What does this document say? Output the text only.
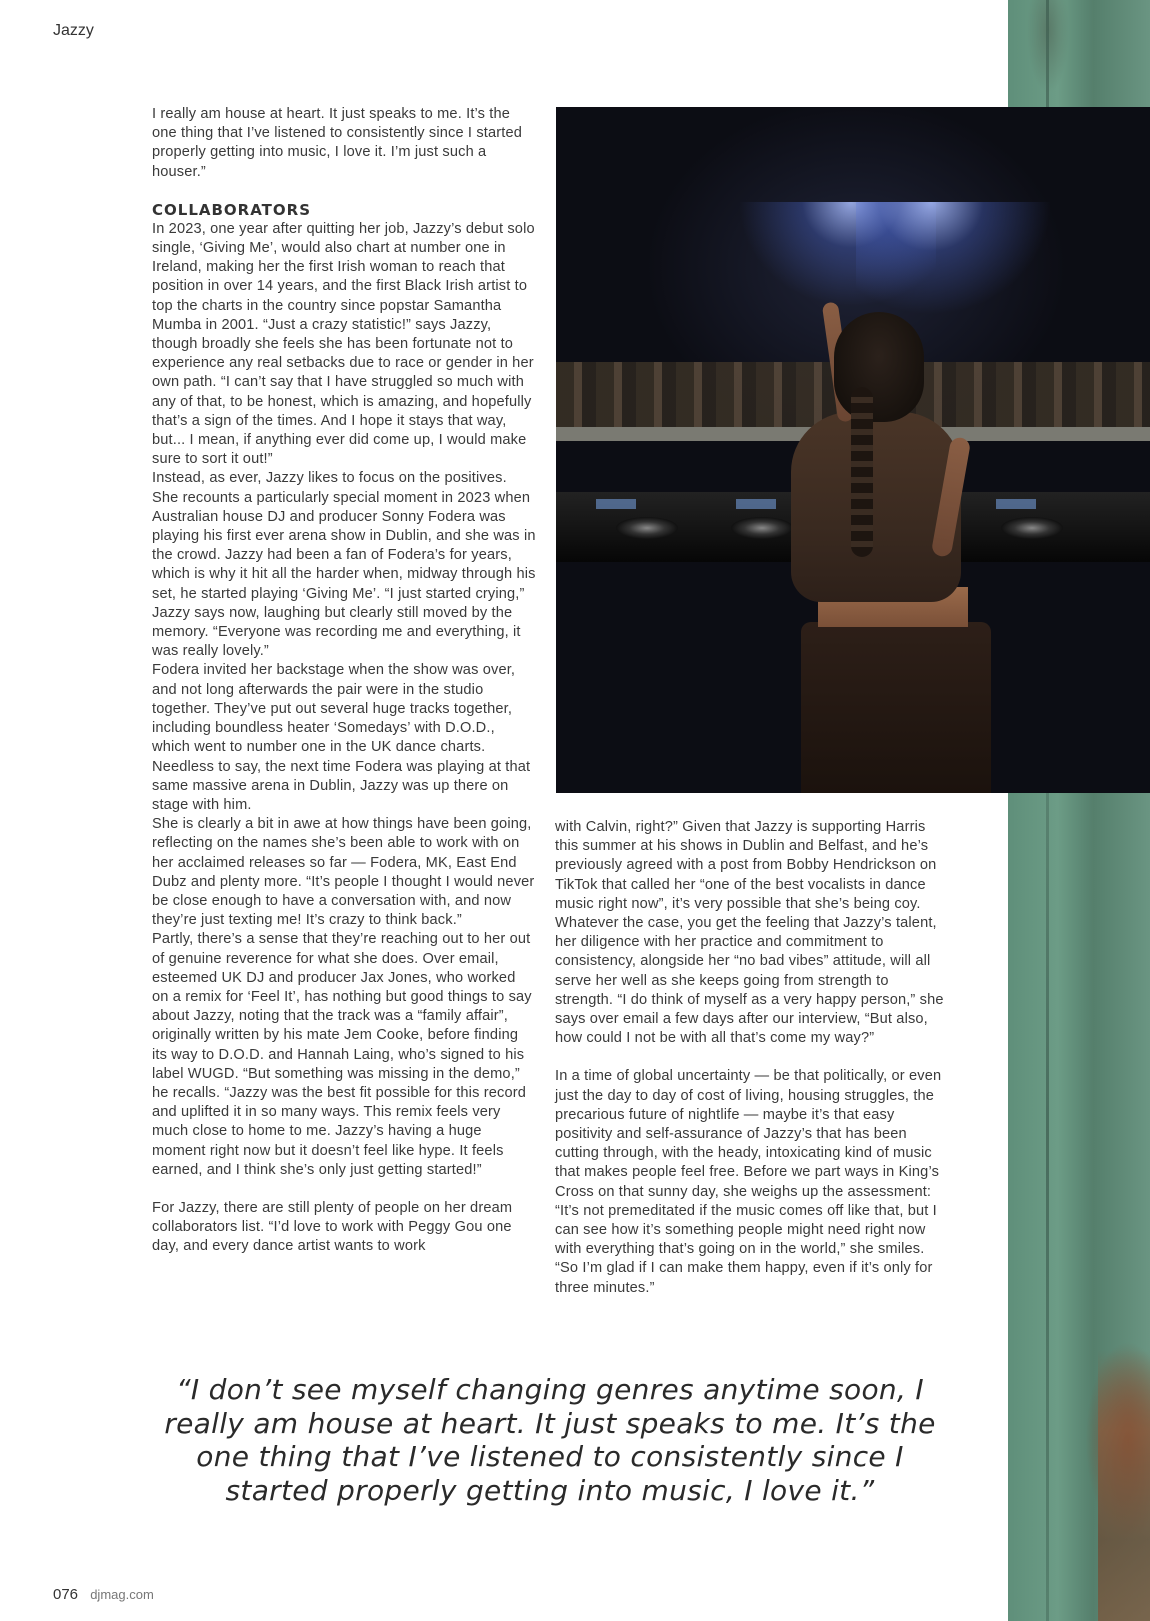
Jazzy

I really am house at heart. It just speaks to me. It’s the one thing that I’ve listened to consistently since I started properly getting into music, I love it. I’m just such a houser.”

COLLABORATORS

In 2023, one year after quitting her job, Jazzy’s debut solo single, ‘Giving Me’, would also chart at number one in Ireland, making her the first Irish woman to reach that position in over 14 years, and the first Black Irish artist to top the charts in the country since popstar Samantha Mumba in 2001. “Just a crazy statistic!” says Jazzy, though broadly she feels she has been fortunate not to experience any real setbacks due to race or gender in her own path. “I can’t say that I have struggled so much with any of that, to be honest, which is amazing, and hopefully that’s a sign of the times. And I hope it stays that way, but... I mean, if anything ever did come up, I would make sure to sort it out!”

Instead, as ever, Jazzy likes to focus on the positives. She recounts a particularly special moment in 2023 when Australian house DJ and producer Sonny Fodera was playing his first ever arena show in Dublin, and she was in the crowd. Jazzy had been a fan of Fodera’s for years, which is why it hit all the harder when, midway through his set, he started playing ‘Giving Me’. “I just started crying,” Jazzy says now, laughing but clearly still moved by the memory. “Everyone was recording me and everything, it was really lovely.”

Fodera invited her backstage when the show was over, and not long afterwards the pair were in the studio together. They’ve put out several huge tracks together, including boundless heater ‘Somedays’ with D.O.D., which went to number one in the UK dance charts. Needless to say, the next time Fodera was playing at that same massive arena in Dublin, Jazzy was up there on stage with him.

She is clearly a bit in awe at how things have been going, reflecting on the names she’s been able to work with on her acclaimed releases so far — Fodera, MK, East End Dubz and plenty more. “It’s people I thought I would never be close enough to have a conversation with, and now they’re just texting me! It’s crazy to think back.”

Partly, there’s a sense that they’re reaching out to her out of genuine reverence for what she does. Over email, esteemed UK DJ and producer Jax Jones, who worked on a remix for ‘Feel It’, has nothing but good things to say about Jazzy, noting that the track was a “family affair”, originally written by his mate Jem Cooke, before finding its way to D.O.D. and Hannah Laing, who’s signed to his label WUGD. “But something was missing in the demo,” he recalls. “Jazzy was the best fit possible for this record and uplifted it in so many ways. This remix feels very much close to home to me. Jazzy’s having a huge moment right now but it doesn’t feel like hype. It feels earned, and I think she’s only just getting started!”

For Jazzy, there are still plenty of people on her dream collaborators list. “I’d love to work with Peggy Gou one day, and every dance artist wants to work

with Calvin, right?” Given that Jazzy is supporting Harris this summer at his shows in Dublin and Belfast, and he’s previously agreed with a post from Bobby Hendrickson on TikTok that called her “one of the best vocalists in dance music right now”, it’s very possible that she’s being coy.

Whatever the case, you get the feeling that Jazzy’s talent, her diligence with her practice and commitment to consistency, alongside her “no bad vibes” attitude, will all serve her well as she keeps going from strength to strength. “I do think of myself as a very happy person,” she says over email a few days after our interview, “But also, how could I not be with all that’s come my way?”

In a time of global uncertainty — be that politically, or even just the day to day of cost of living, housing struggles, the precarious future of nightlife — maybe it’s that easy positivity and self-assurance of Jazzy’s that has been cutting through, with the heady, intoxicating kind of music that makes people feel free. Before we part ways in King’s Cross on that sunny day, she weighs up the assessment: “It’s not premeditated if the music comes off like that, but I can see how it’s something people might need right now with everything that’s going on in the world,” she smiles. “So I’m glad if I can make them happy, even if it’s only for three minutes.”

“I don’t see myself changing genres anytime soon, I really am house at heart. It just speaks to me. It’s the one thing that I’ve listened to consistently since I started properly getting into music, I love it.”

076 djmag.com
